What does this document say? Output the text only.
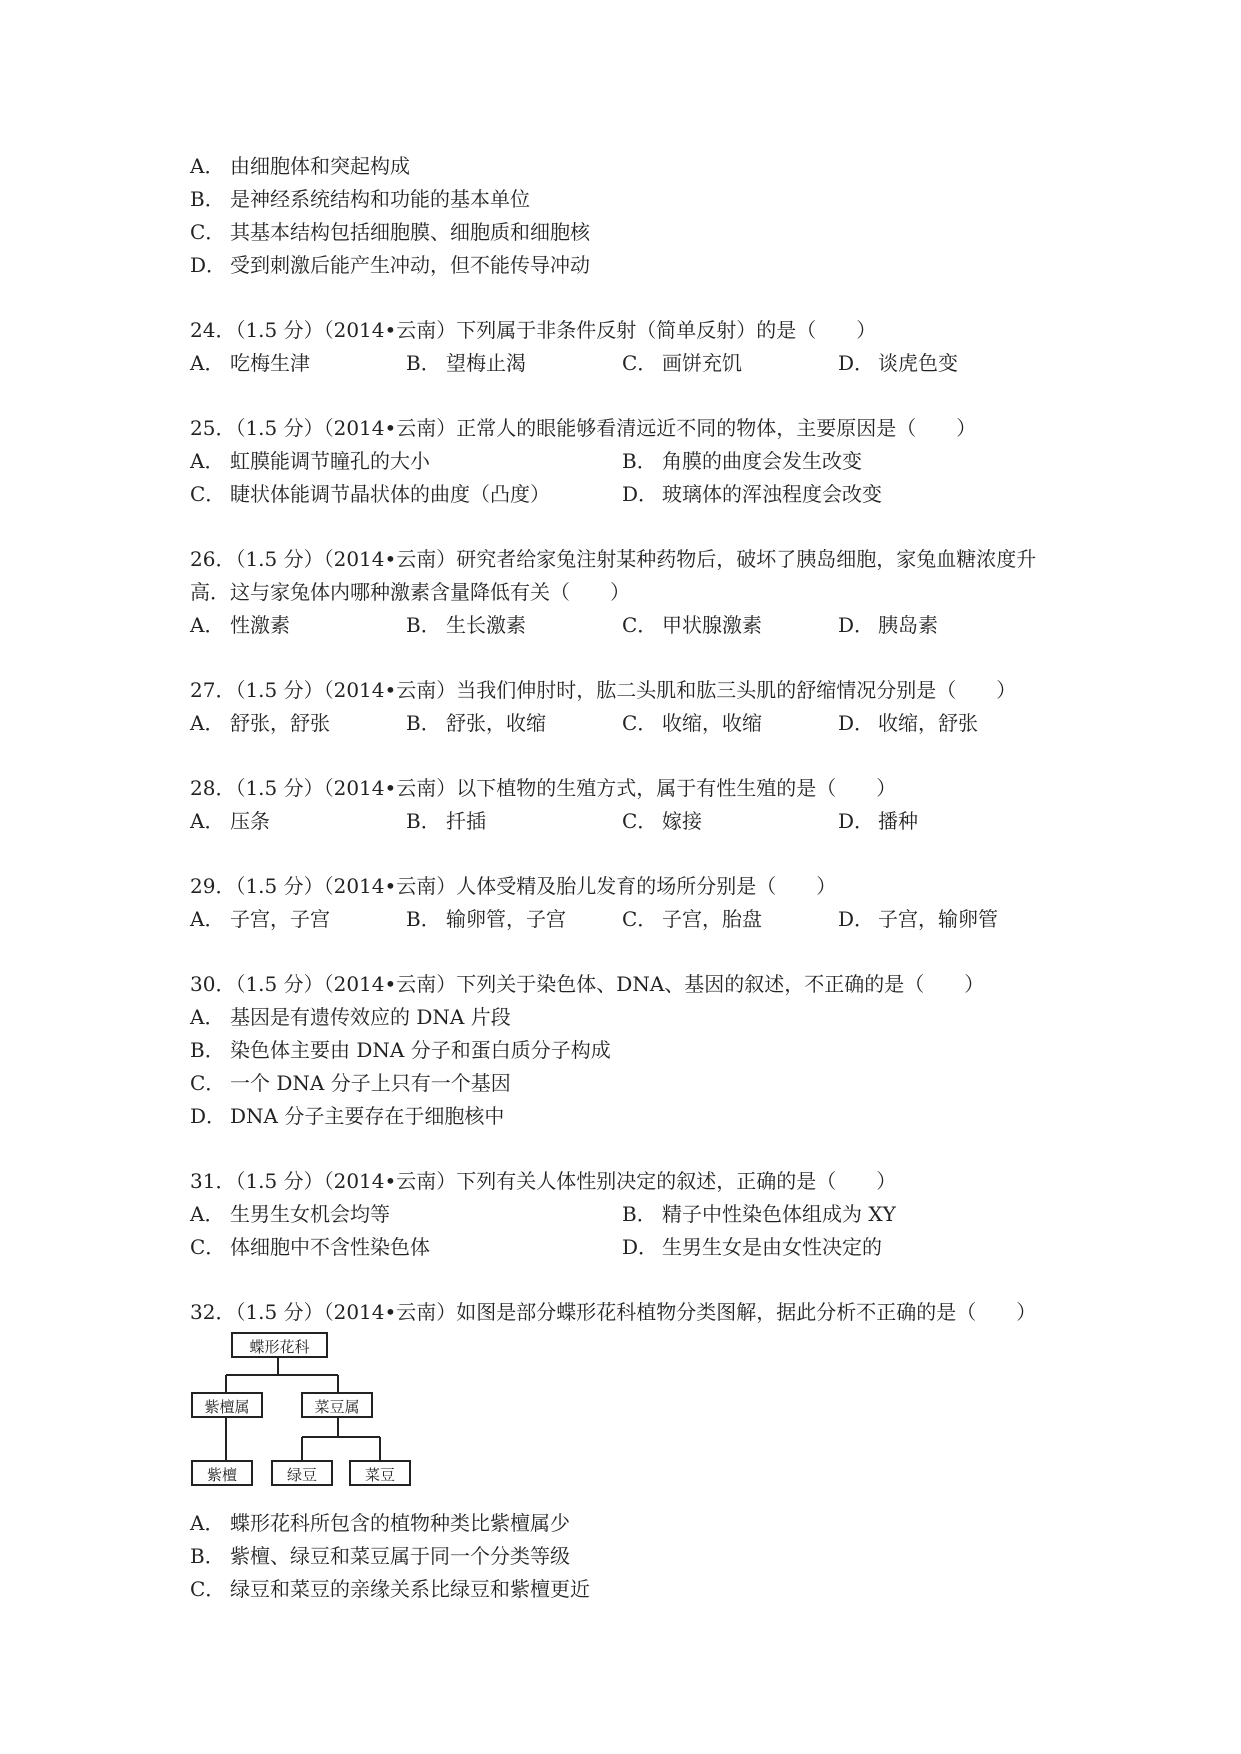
A． 由细胞体和突起构成
B． 是神经系统结构和功能的基本单位
C． 其基本结构包括细胞膜、细胞质和细胞核
D． 受到刺激后能产生冲动，但不能传导冲动
24．（1.5 分）（2014•云南）下列属于非条件反射（简单反射）的是（　　）
A． 吃梅生津	B． 望梅止渴	C． 画饼充饥	D． 谈虎色变
25．（1.5 分）（2014•云南）正常人的眼能够看清远近不同的物体，主要原因是（　　）
A． 虹膜能调节瞳孔的大小	B． 角膜的曲度会发生改变
C． 睫状体能调节晶状体的曲度（凸度）	D． 玻璃体的浑浊程度会改变
26．（1.5 分）（2014•云南）研究者给家兔注射某种药物后，破坏了胰岛细胞，家兔血糖浓度升高．这与家兔体内哪种激素含量降低有关（　　）
A． 性激素	B． 生长激素	C． 甲状腺激素	D． 胰岛素
27．（1.5 分）（2014•云南）当我们伸肘时，肱二头肌和肱三头肌的舒缩情况分别是（　　）
A． 舒张，舒张	B． 舒张，收缩	C． 收缩，收缩	D． 收缩，舒张
28．（1.5 分）（2014•云南）以下植物的生殖方式，属于有性生殖的是（　　）
A． 压条	B． 扦插	C． 嫁接	D． 播种
29．（1.5 分）（2014•云南）人体受精及胎儿发育的场所分别是（　　）
A． 子宫，子宫	B． 输卵管，子宫	C． 子宫，胎盘	D． 子宫，输卵管
30．（1.5 分）（2014•云南）下列关于染色体、DNA、基因的叙述，不正确的是（　　）
A． 基因是有遗传效应的 DNA 片段
B． 染色体主要由 DNA 分子和蛋白质分子构成
C． 一个 DNA 分子上只有一个基因
D． DNA 分子主要存在于细胞核中
31．（1.5 分）（2014•云南）下列有关人体性别决定的叙述，正确的是（　　）
A． 生男生女机会均等	B． 精子中性染色体组成为 XY
C． 体细胞中不含性染色体	D． 生男生女是由女性决定的
32．（1.5 分）（2014•云南）如图是部分蝶形花科植物分类图解，据此分析不正确的是（　　）
蝶形花科
紫檀属	菜豆属
紫檀	绿豆	菜豆
A． 蝶形花科所包含的植物种类比紫檀属少
B． 紫檀、绿豆和菜豆属于同一个分类等级
C． 绿豆和菜豆的亲缘关系比绿豆和紫檀更近
